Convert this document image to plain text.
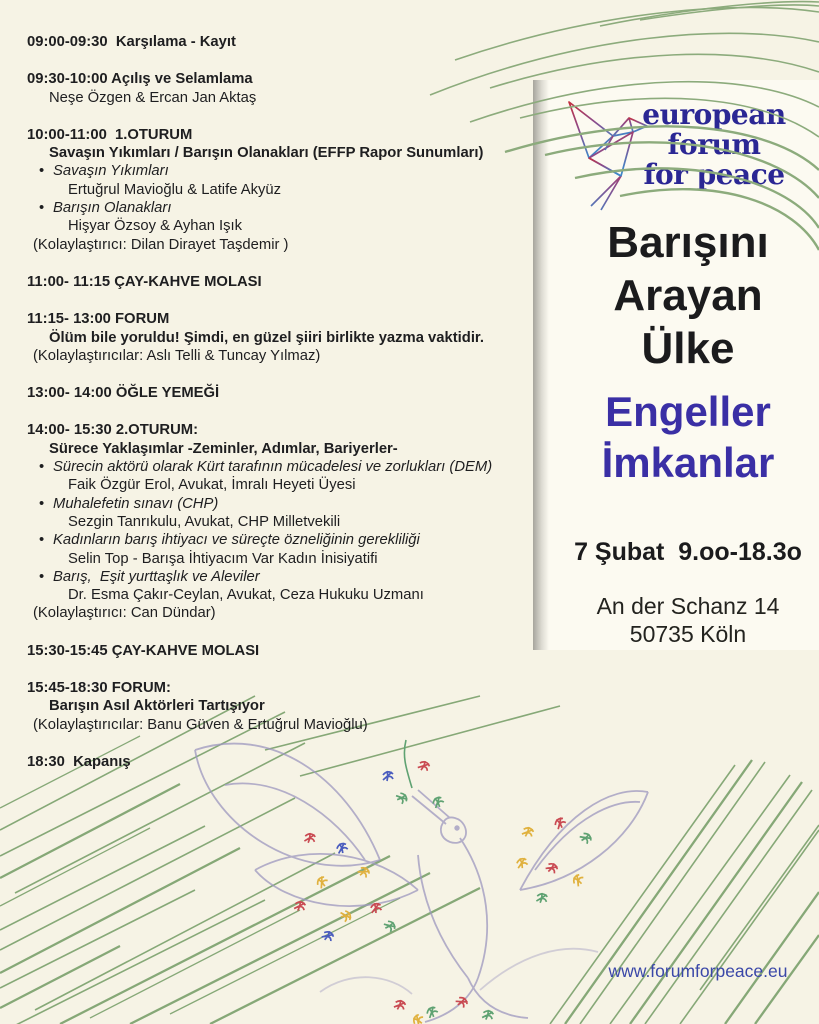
09:00-09:30  Karşılama - Kayıt
09:30-10:00 Açılış ve Selamlama
Neşe Özgen & Ercan Jan Aktaş
10:00-11:00  1.OTURUM
Savaşın Yıkımları / Barışın Olanakları (EFFP Rapor Sunumları)
• Savaşın Yıkımları
Ertuğrul Mavioğlu & Latife Akyüz
• Barışın Olanakları
Hişyar Özsoy & Ayhan Işık
(Kolaylaştırıcı: Dilan Dirayet Taşdemir )
11:00- 11:15 ÇAY-KAHVE MOLASI
11:15- 13:00 FORUM
Ölüm bile yoruldu! Şimdi, en güzel şiiri birlikte yazma vaktidir.
(Kolaylaştırıcılar: Aslı Telli & Tuncay Yılmaz)
13:00- 14:00 ÖĞLE YEMEĞİ
14:00- 15:30 2.OTURUM:
Sürece Yaklaşımlar -Zeminler, Adımlar, Bariyerler-
• Sürecin aktörü olarak Kürt tarafının mücadelesi ve zorlukları (DEM)
Faik Özgür Erol, Avukat, İmralı Heyeti Üyesi
• Muhalefetin sınavı (CHP)
Sezgin Tanrıkulu, Avukat, CHP Milletvekili
• Kadınların barış ihtiyacı ve süreçte özneliğinin gerekliliği
Selin Top - Barışa İhtiyacım Var Kadın İnisiyatifi
• Barış,  Eşit yurttaşlık ve Aleviler
Dr. Esma Çakır-Ceylan, Avukat, Ceza Hukuku Uzmanı
(Kolaylaştırıcı: Can Dündar)
15:30-15:45 ÇAY-KAHVE MOLASI
15:45-18:30 FORUM:
Barışın Asıl Aktörleri Tartışıyor
(Kolaylaştırıcılar: Banu Güven & Ertuğrul Mavioğlu)
18:30  Kapanış
european
forum
for peace
Barışını
Arayan
Ülke
Engeller
İmkanlar
7 Şubat  9.oo-18.3o
An der Schanz 14
50735 Köln
www.forumforpeace.eu
